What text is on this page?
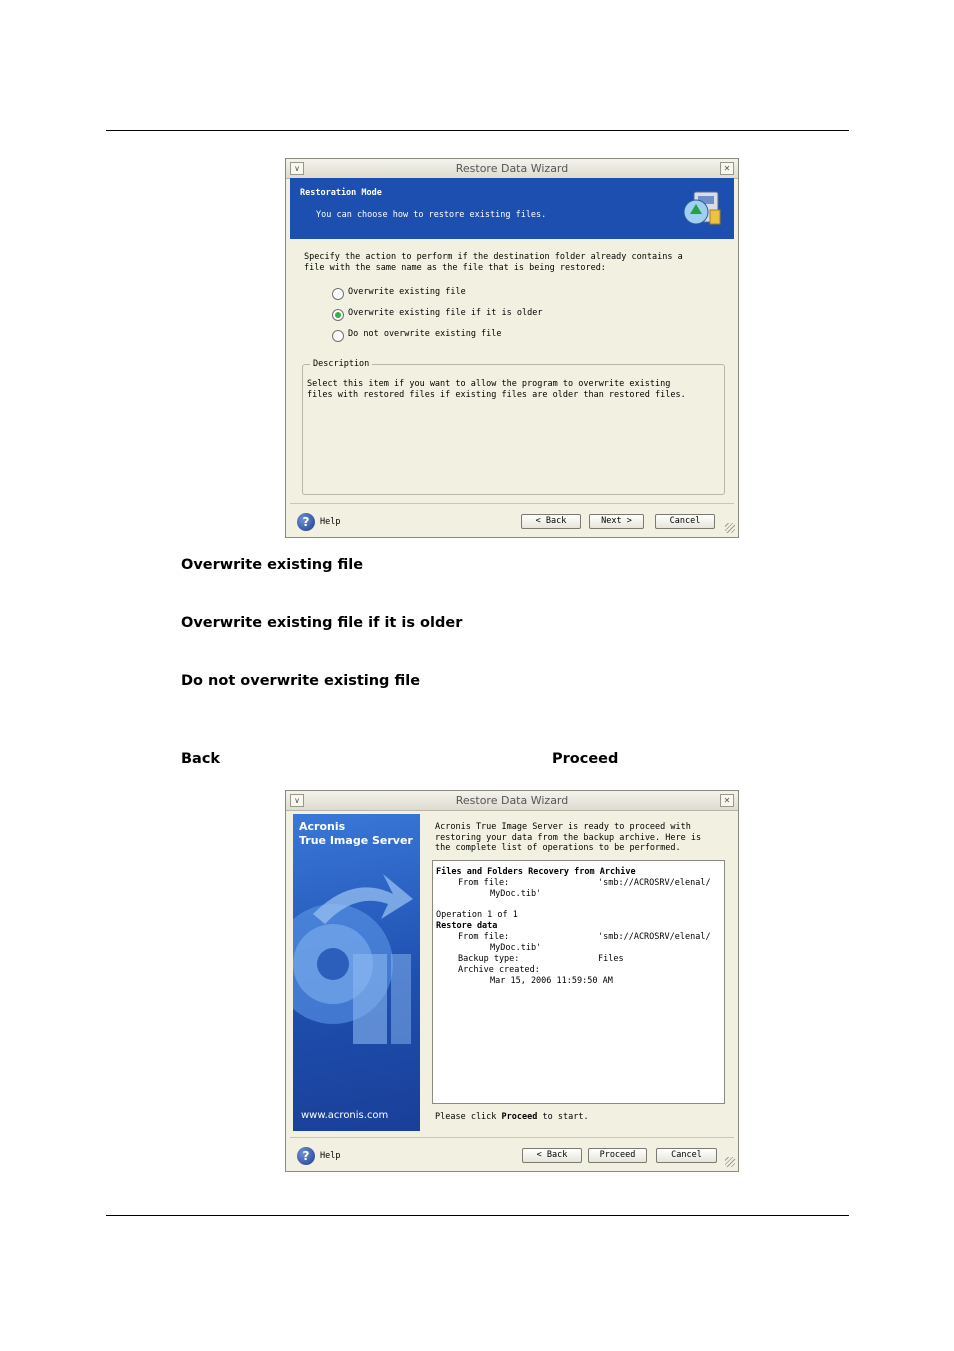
∨	Restore Data Wizard	✕
Restoration Mode
You can choose how to restore existing files.
Specify the action to perform if the destination folder already contains a
file with the same name as the file that is being restored:
Overwrite existing file
Overwrite existing file if it is older
Do not overwrite existing file
Description
Select this item if you want to allow the program to overwrite existing
files with restored files if existing files are older than restored files.
?	Help	< Back	Next >	Cancel
Overwrite existing file
Overwrite existing file if it is older
Do not overwrite existing file
Back	Proceed
∨	Restore Data Wizard	✕
Acronis
True Image Server
www.acronis.com
Acronis True Image Server is ready to proceed with
restoring your data from the backup archive. Here is
the complete list of operations to be performed.
Files and Folders Recovery from Archive
From file:	'smb://ACROSRV/elenal/
MyDoc.tib'
Operation 1 of 1
Restore data
From file:	'smb://ACROSRV/elenal/
MyDoc.tib'
Backup type:	Files
Archive created:
Mar 15, 2006 11:59:50 AM
Please click Proceed to start.
?	Help	< Back	Proceed	Cancel
